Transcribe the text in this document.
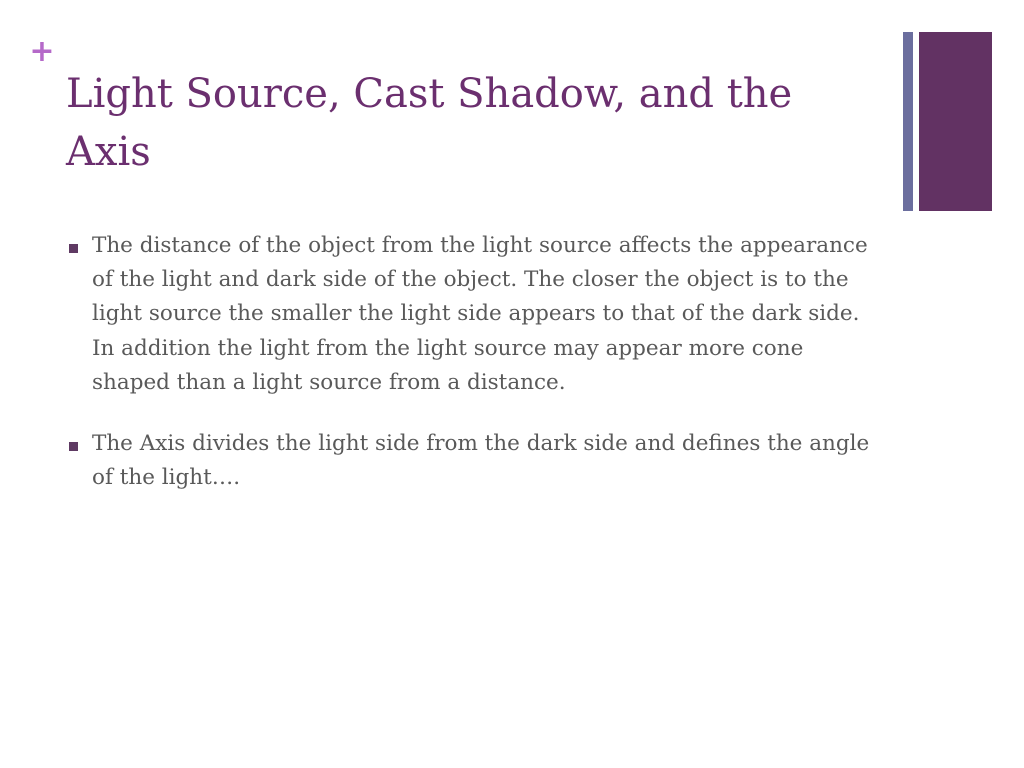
+
Light Source, Cast Shadow, and the Axis
The distance of the object from the light source affects the appearance of the light and dark side of the object. The closer the object is to the light source the smaller the light side appears to that of the dark side. In addition the light from the light source may appear more cone shaped than a light source from a distance.
The Axis divides the light side from the dark side and defines the angle of the light….
